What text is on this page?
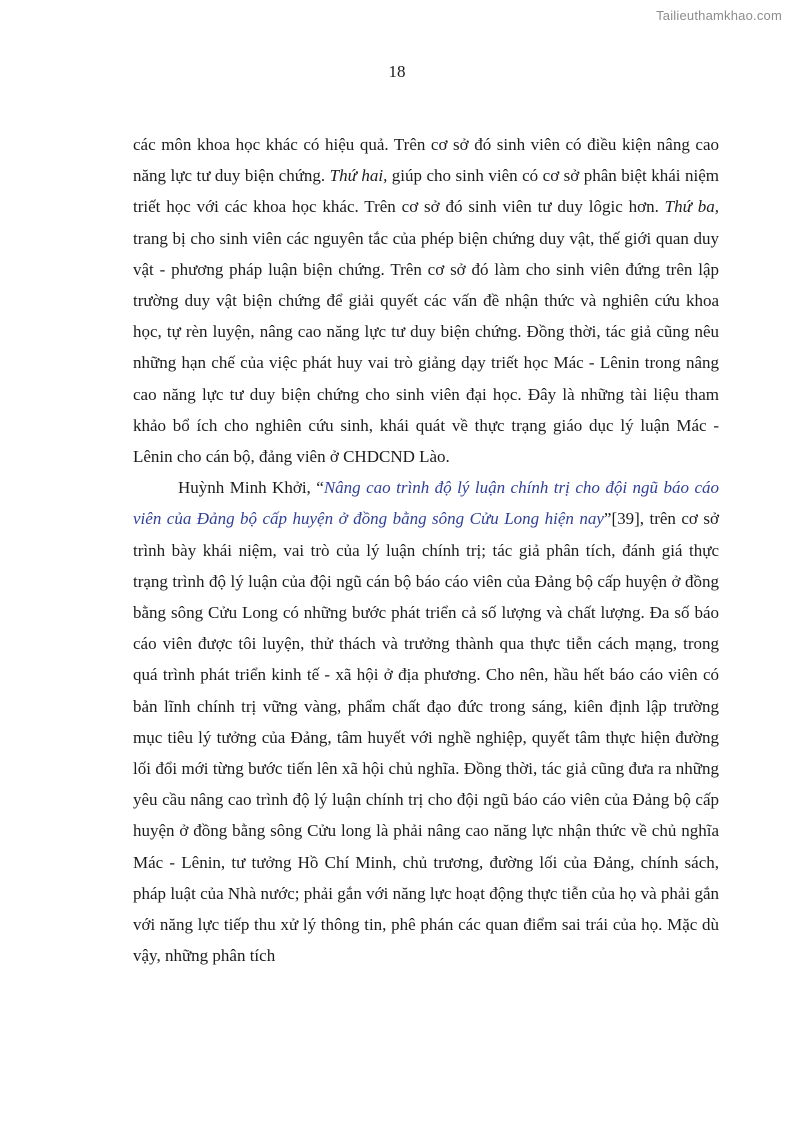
Tailieuthamkhao.com
18

các môn khoa học khác có hiệu quả. Trên cơ sở đó sinh viên có điều kiện nâng cao năng lực tư duy biện chứng. Thứ hai, giúp cho sinh viên có cơ sở phân biệt khái niệm triết học với các khoa học khác. Trên cơ sở đó sinh viên tư duy lôgic hơn. Thứ ba, trang bị cho sinh viên các nguyên tắc của phép biện chứng duy vật, thế giới quan duy vật - phương pháp luận biện chứng. Trên cơ sở đó làm cho sinh viên đứng trên lập trường duy vật biện chứng để giải quyết các vấn đề nhận thức và nghiên cứu khoa học, tự rèn luyện, nâng cao năng lực tư duy biện chứng. Đồng thời, tác giả cũng nêu những hạn chế của việc phát huy vai trò giảng dạy triết học Mác - Lênin trong nâng cao năng lực tư duy biện chứng cho sinh viên đại học. Đây là những tài liệu tham khảo bổ ích cho nghiên cứu sinh, khái quát về thực trạng giáo dục lý luận Mác - Lênin cho cán bộ, đảng viên ở CHDCND Lào.

Huỳnh Minh Khởi, “Nâng cao trình độ lý luận chính trị cho đội ngũ báo cáo viên của Đảng bộ cấp huyện ở đồng bằng sông Cửu Long hiện nay”[39], trên cơ sở trình bày khái niệm, vai trò của lý luận chính trị; tác giả phân tích, đánh giá thực trạng trình độ lý luận của đội ngũ cán bộ báo cáo viên của Đảng bộ cấp huyện ở đồng bằng sông Cửu Long có những bước phát triển cả số lượng và chất lượng. Đa số báo cáo viên được tôi luyện, thử thách và trưởng thành qua thực tiễn cách mạng, trong quá trình phát triển kinh tế - xã hội ở địa phương. Cho nên, hầu hết báo cáo viên có bản lĩnh chính trị vững vàng, phẩm chất đạo đức trong sáng, kiên định lập trường mục tiêu lý tưởng của Đảng, tâm huyết với nghề nghiệp, quyết tâm thực hiện đường lối đổi mới từng bước tiến lên xã hội chủ nghĩa. Đồng thời, tác giả cũng đưa ra những yêu cầu nâng cao trình độ lý luận chính trị cho đội ngũ báo cáo viên của Đảng bộ cấp huyện ở đồng bằng sông Cửu long là phải nâng cao năng lực nhận thức về chủ nghĩa Mác - Lênin, tư tưởng Hồ Chí Minh, chủ trương, đường lối của Đảng, chính sách, pháp luật của Nhà nước; phải gắn với năng lực hoạt động thực tiễn của họ và phải gắn với năng lực tiếp thu xử lý thông tin, phê phán các quan điểm sai trái của họ. Mặc dù vậy, những phân tích
